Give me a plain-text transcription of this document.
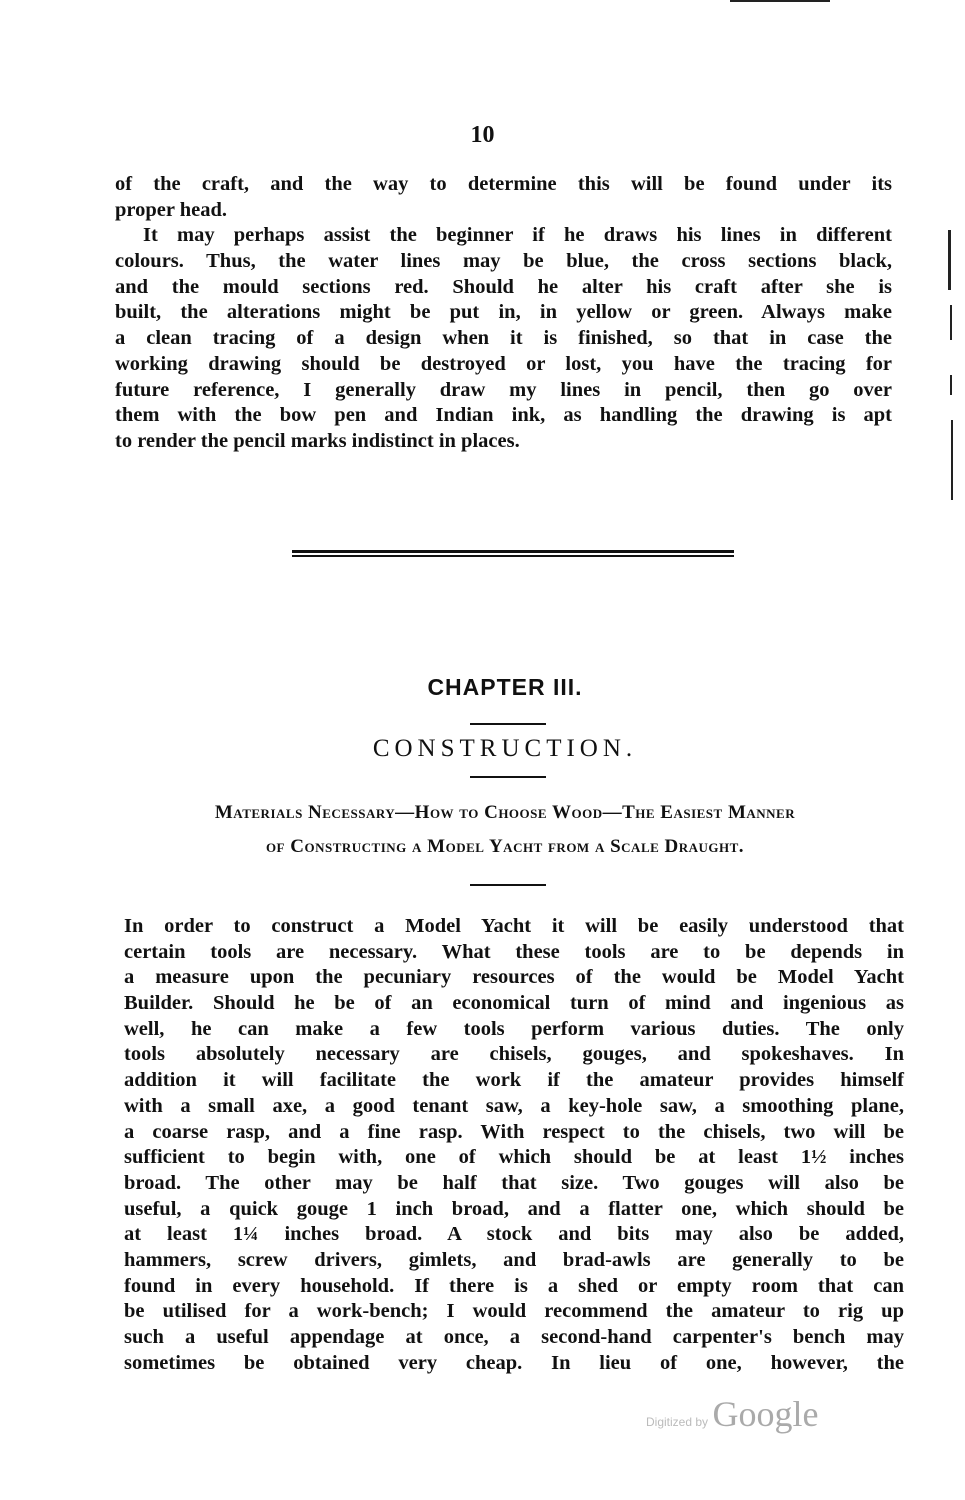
10
of the craft, and the way to determine this will be found under its
proper head.
It may perhaps assist the beginner if he draws his lines in different
colours. Thus, the water lines may be blue, the cross sections black,
and the mould sections red. Should he alter his craft after she is
built, the alterations might be put in, in yellow or green. Always make
a clean tracing of a design when it is finished, so that in case the
working drawing should be destroyed or lost, you have the tracing for
future reference, I generally draw my lines in pencil, then go over
them with the bow pen and Indian ink, as handling the drawing is apt
to render the pencil marks indistinct in places.
CHAPTER III.
CONSTRUCTION.
Materials Necessary—How to Choose Wood—The Easiest Manner
of Constructing a Model Yacht from a Scale Draught.
In order to construct a Model Yacht it will be easily understood that
certain tools are necessary. What these tools are to be depends in
a measure upon the pecuniary resources of the would be Model Yacht
Builder. Should he be of an economical turn of mind and ingenious as
well, he can make a few tools perform various duties. The only
tools absolutely necessary are chisels, gouges, and spokeshaves. In
addition it will facilitate the work if the amateur provides himself
with a small axe, a good tenant saw, a key-hole saw, a smoothing plane,
a coarse rasp, and a fine rasp. With respect to the chisels, two will be
sufficient to begin with, one of which should be at least 1½ inches
broad. The other may be half that size. Two gouges will also be
useful, a quick gouge 1 inch broad, and a flatter one, which should be
at least 1¼ inches broad. A stock and bits may also be added,
hammers, screw drivers, gimlets, and brad-awls are generally to be
found in every household. If there is a shed or empty room that can
be utilised for a work-bench; I would recommend the amateur to rig up
such a useful appendage at once, a second-hand carpenter's bench may
sometimes be obtained very cheap. In lieu of one, however, the
Digitized by Google
